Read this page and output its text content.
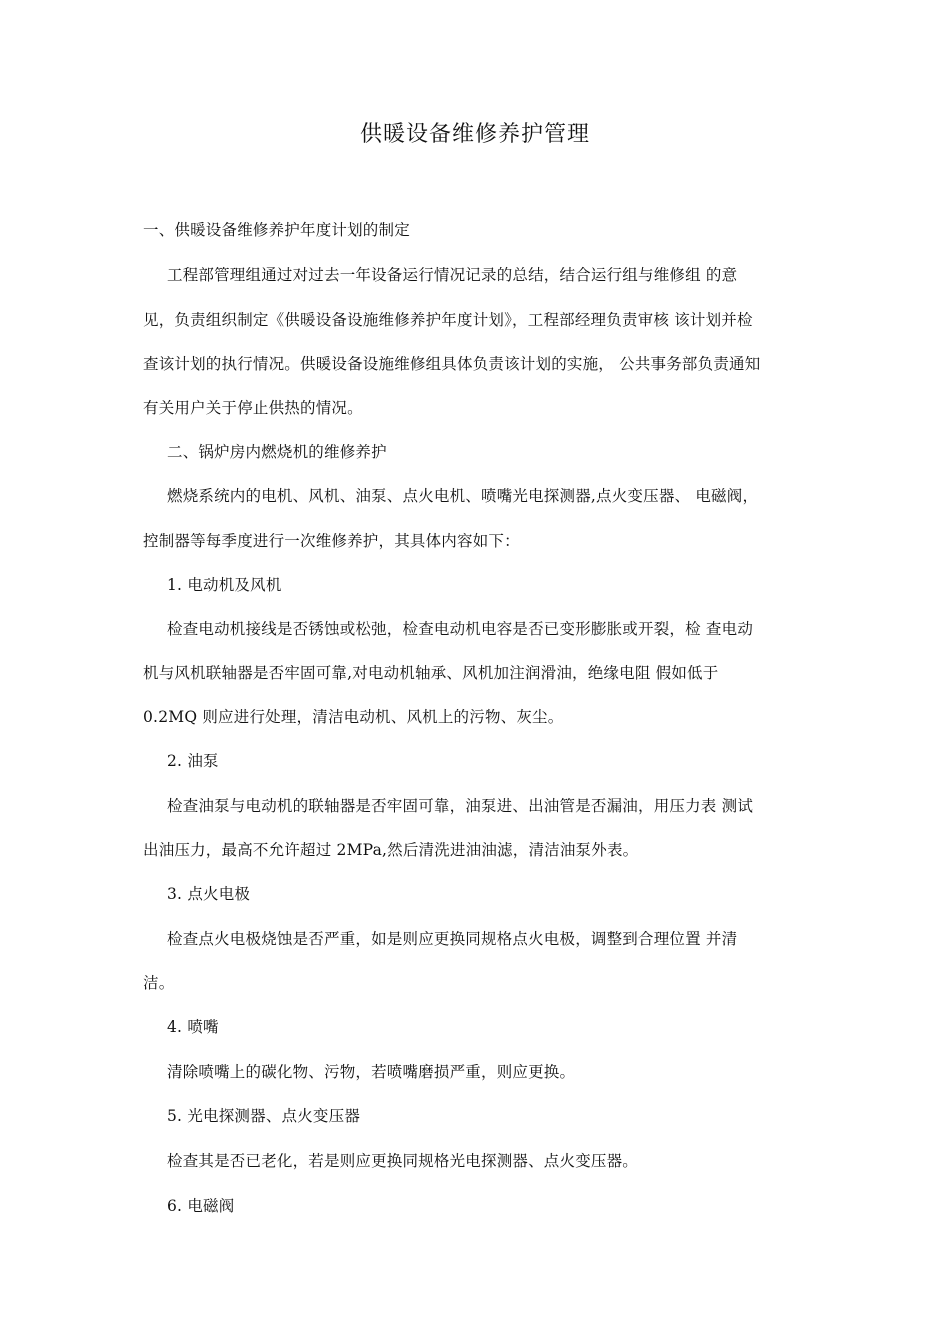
供暖设备维修养护管理
一、供暖设备维修养护年度计划的制定
工程部管理组通过对过去一年设备运行情况记录的总结，结合运行组与维修组 的意
见，负责组织制定《供暖设备设施维修养护年度计划》，工程部经理负责审核 该计划并检
查该计划的执行情况。供暖设备设施维修组具体负责该计划的实施， 公共事务部负责通知
有关用户关于停止供热的情况。
二、锅炉房内燃烧机的维修养护
燃烧系统内的电机、风机、油泵、点火电机、喷嘴光电探测器,点火变压器、 电磁阀，
控制器等每季度进行一次维修养护，其具体内容如下：
1. 电动机及风机
检查电动机接线是否锈蚀或松弛，检查电动机电容是否已变形膨胀或开裂，检 查电动
机与风机联轴器是否牢固可靠,对电动机轴承、风机加注润滑油，绝缘电阻 假如低于
0.2MQ 则应进行处理，清洁电动机、风机上的污物、灰尘。
2. 油泵
检查油泵与电动机的联轴器是否牢固可靠，油泵进、出油管是否漏油，用压力表 测试
出油压力，最高不允许超过 2MPa,然后清洗进油油滤，清洁油泵外表。
3. 点火电极
检查点火电极烧蚀是否严重，如是则应更换同规格点火电极，调整到合理位置 并清
洁。
4. 喷嘴
清除喷嘴上的碳化物、污物，若喷嘴磨损严重，则应更换。
5. 光电探测器、点火变压器
检查其是否已老化，若是则应更换同规格光电探测器、点火变压器。
6. 电磁阀
